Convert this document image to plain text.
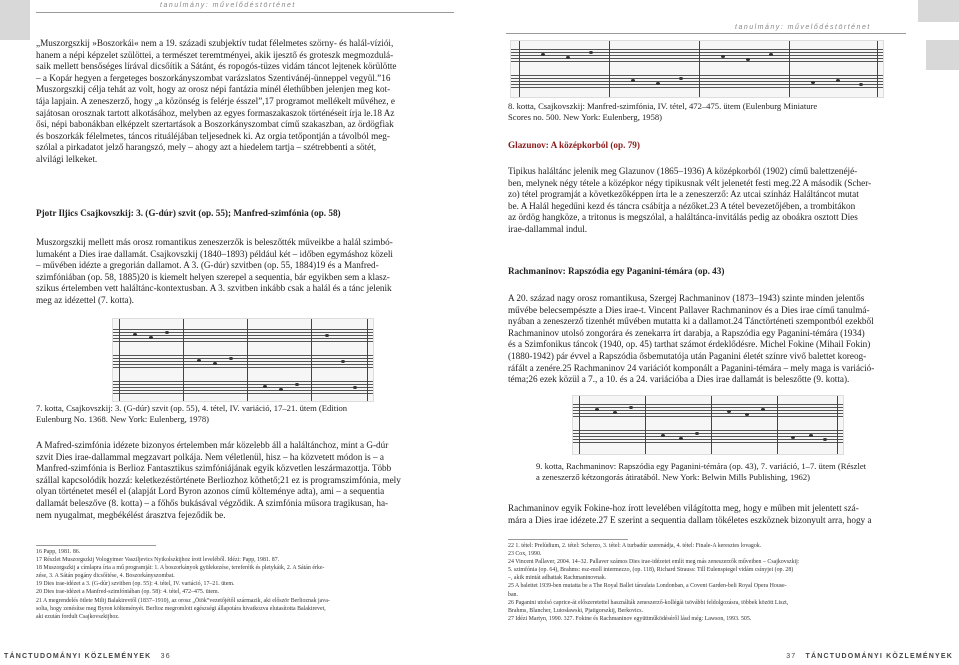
tanulmány: művelődéstörténet
tanulmány: művelődéstörténet
„Muszorgszkij »Boszorkái« nem a 19. századi szubjektív tudat félelmetes szörny- és halál-víziói,
hanem a népi képzelet szülöttei, a természet teremtményei, akik ijesztő és groteszk megmozdulá-
saik mellett bensőséges lírával dicsőítik a Sátánt, és ropogós-tüzes vidám táncot lejtenek körülötte
– a Kopár hegyen a fergeteges boszorkányszombat varázslatos Szentivánéj-ünneppel vegyül.”16
Muszorgszkij célja tehát az volt, hogy az orosz népi fantázia minél élethűbben jelenjen meg kot-
tája lapjain. A zeneszerző, hogy „a közönség is felérje ésszel”,17 programot mellékelt művéhez, e
sajátosan orosznak tartott alkotásához, melyben az egyes formaszakaszok történéseit írja le.18 Az
ősi, népi babonákban elképzelt szertartások a Boszorkányszombat című szakaszban, az ördögfiak
és boszorkák félelmetes, táncos rituáléjában teljesednek ki. Az orgia tetőpontján a távolból meg-
szólal a pirkadatot jelző harangszó, mely – ahogy azt a hiedelem tartja – szétrebbenti a sötét,
alvilági lelkeket.
Pjotr Iljics Csajkovszkij: 3. (G-dúr) szvit (op. 55); Manfred-szimfónia (op. 58)
Muszorgszkij mellett más orosz romantikus zeneszerzők is beleszőtték műveikbe a halál szimbó-
lumaként a Dies irae dallamát. Csajkovszkij (1840–1893) például két – időben egymáshoz közeli
– művében idézte a gregorián dallamot. A 3. (G-dúr) szvitben (op. 55, 1884)19 és a Manfred-
szimfóniában (op. 58, 1885)20 is kiemelt helyen szerepel a sequentia, bár egyikben sem a klasz-
szikus értelemben vett haláltánc-kontextusban. A 3. szvitben inkább csak a halál és a tánc jelenik
meg az idézettel (7. kotta).
7. kotta, Csajkovszkij: 3. (G-dúr) szvit (op. 55), 4. tétel, IV. variáció, 17–21. ütem (Edition
Eulenburg No. 1368. New York: Eulenberg, 1978)
A Mafred-szimfónia idézete bizonyos értelemben már közelebb áll a haláltánchoz, mint a G-dúr
szvit Dies irae-dallammal megzavart polkája. Nem véletlenül, hisz – ha közvetett módon is – a
Manfred-szimfónia is Berlioz Fantasztikus szimfóniájának egyik közvetlen leszármazottja. Több
szállal kapcsolódik hozzá: keletkezéstörténete Berliozhoz köthető;21 ez is programszimfónia, mely
olyan történetet mesél el (alapját Lord Byron azonos című költeménye adta), ami – a sequentia
dallamát beleszőve (8. kotta) – a főhős bukásával végződik. A szimfónia műsora tragikusan, ha-
nem nyugalmat, megbékélést árasztva fejeződik be.
16 Papp, 1981. 86.
17 Részlet Muszorgszkij Vologyimer Vasziljevics Nyikolszkijhoz írott leveléből. Idézi: Papp, 1981. 87.
18 Muszorgszkij a címlapra írta a mű programját: 1. A boszorkányok gyülekezése, tereferéik és pletykáik, 2. A Sátán érke-
zése, 3. A Sátán pogány dicsőítése, 4. Boszorkányszombat.
19 Dies irae-idézet a 3. (G-dúr) szvitben (op. 55): 4. tétel, IV. variáció, 17–21. ütem.
20 Dies irae-idézet a Manfred-szimfóniában (op. 58): 4. tétel, 472–475. ütem.
21 A megrendelés ötlete Milij Balakirevtől (1837–1910), az orosz „Ötök”vezetőjétől származik, aki először Berlioznak java-
solta, hogy zenésítse meg Byron költeményét. Berlioz megromlott egészségi állapotára hivatkozva elutasította Balakirevet,
aki ezután fordult Csajkovszkijhoz.
TÁNCTUDOMÁNYI KÖZLEMÉNYEK 36
8. kotta, Csajkovszkij: Manfred-szimfónia, IV. tétel, 472–475. ütem (Eulenburg Miniature
Scores no. 500. New York: Eulenberg, 1958)
Glazunov: A középkorból (op. 79)
Tipikus haláltánc jelenik meg Glazunov (1865–1936) A középkorból (1902) című balettzenéjé-
ben, melynek négy tétele a középkor négy tipikusnak vélt jelenetét festi meg.22 A második (Scher-
zo) tétel programját a következőképpen írta le a zeneszerző: Az utcai színház Haláltáncot mutat
be. A Halál hegedűni kezd és táncra csábítja a nézőket.23 A tétel bevezetőjében, a trombitákon
az ördög hangköze, a tritonus is megszólal, a haláltánca-invitálás pedig az oboákra osztott Dies
irae-dallammal indul.
Rachmaninov: Rapszódia egy Paganini-témára (op. 43)
A 20. század nagy orosz romantikusa, Szergej Rachmaninov (1873–1943) szinte minden jelentős
művébe belecsempészte a Dies irae-t. Vincent Pallaver Rachmaninov és a Dies irae című tanulmá-
nyában a zeneszerző tizenhét művében mutatta ki a dallamot.24 Tánctörténeti szempontból ezekből
Rachmaninov utolsó zongorára és zenekarra írt darabja, a Rapszódia egy Paganini-témára (1934)
és a Szimfonikus táncok (1940, op. 45) tarthat számot érdeklődésre. Michel Fokine (Mihail Fokin)
(1880-1942) pár évvel a Rapszódia ősbemutatója után Paganini életét színre vivő balettet koreog-
ráfált a zenére.25 Rachmaninov 24 variációt komponált a Paganini-témára – mely maga is variáció-
téma;26 ezek közül a 7., a 10. és a 24. variációba a Dies irae dallamát is beleszőtte (9. kotta).
9. kotta, Rachmaninov: Rapszódia egy Paganini-témára (op. 43), 7. variáció, 1–7. ütem (Részlet
a zeneszerző kétzongorás átiratából. New York: Belwin Mills Publishing, 1962)
Rachmaninov egyik Fokine-hoz írott levelében világítottа meg, hogy e műben mit jelentett szá-
mára a Dies irae idézete.27 E szerint a sequentia dallam tökéletes eszköznek bizonyult arra, hogy a
22 1. tétel: Prelúdium, 2. tétel: Scherzo, 3. tétel: A turbadúr szerenádja, 4. tétel: Finale-A keresztes lovagok.
23 Cox, 1990.
24 Vincent Pallaver, 2004. 14–32. Pallaver számos Dies irae-idézetet említ meg más zeneszerzők műveiben – Csajkovszkij:
5. szimfónia (op. 64), Brahms: esz-moll intermezzo, (op. 118), Richard Strauss: Till Eulenspiegel vidám csínyjei (op. 28)
–, akik mintát adhattak Rachmaninovnak.
25 A balettet 1939-ben mutatta be a The Royal Ballet társulata Londonban, a Covent Garden-beli Royal Opera House-
ban.
26 Paganini utolsó caprice-át előszeretettel használták zeneszerző-kollégái tsövábbi feldolgozásra, többek között Liszt,
Brahms, Blancher, Lutosławski, Pjatigorszkij, Berkovics.
27 Idézi Martyn, 1990. 327. Fokine és Rachmaninov együttműködéséről lásd még: Lawson, 1993. 505.
37 TÁNCTUDOMÁNYI KÖZLEMÉNYEK
